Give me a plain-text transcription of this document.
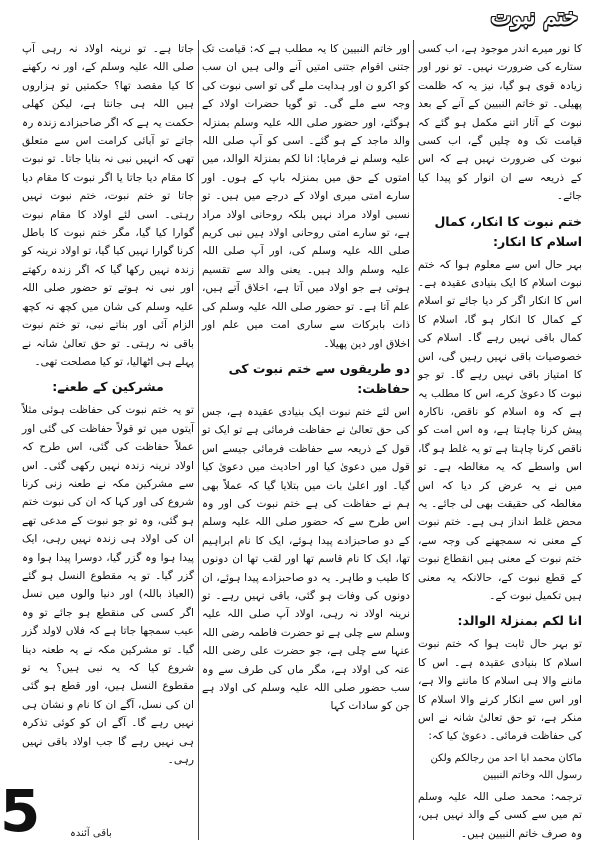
ختم نبوت
5

کا نور میرے اندر موجود ہے، اب کسی ستارے کی ضرورت نہیں۔ تو نور اور زیادہ قوی ہو گیا، نیز یہ کہ ظلمت پھیلی۔ تو خاتم النبیین کے آنے کے بعد نبوت کے آثار اتنے مکمل ہو گئے کہ قیامت تک وہ چلیں گے، اب کسی نبوت کی ضرورت نہیں ہے کہ اس کے ذریعہ سے ان انوار کو پیدا کیا جائے۔

ختم نبوت کا انکار، کمال اسلام کا انکار:

بہر حال اس سے معلوم ہوا کہ ختم نبوت اسلام کا ایک بنیادی عقیدہ ہے۔ اس کا انکار اگر کر دیا جائے تو اسلام کے کمال کا انکار ہو گا، اسلام کا کمال باقی نہیں رہے گا۔ اسلام کی خصوصیات باقی نہیں رہیں گی، اس کا امتیاز باقی نہیں رہے گا۔ تو جو نبوت کا دعویٰ کرے، اس کا مطلب یہ ہے کہ وہ اسلام کو ناقص، ناکارہ پیش کرنا چاہتا ہے، وہ اس امت کو ناقص کرنا چاہتا ہے تو یہ غلط ہو گا، اس واسطے کہ یہ مغالطہ ہے۔ تو میں نے یہ عرض کر دیا کہ اس مغالطہ کی حقیقت بھی لی جائے۔ یہ محض غلط انداز ہی ہے۔ ختم نبوت کے معنی نہ سمجھنے کی وجہ سے، ختم نبوت کے معنی ہیں انقطاع نبوت کے قطع نبوت کے، حالانکہ یہ معنی ہیں تکمیل نبوت کے۔

انا لکم بمنزلۃ الوالد:

تو بہر حال ثابت ہوا کہ ختم نبوت اسلام کا بنیادی عقیدہ ہے۔ اس کا ماننے والا ہی اسلام کا ماننے والا ہے، اور اس سے انکار کرنے والا اسلام کا منکر ہے، تو حق تعالیٰ شانہ نے اس کی حفاظت فرمائی۔ دعویٰ کیا کہ:

ماکان محمد ابا احد من رجالکم ولکن رسول اللہ وخاتم النبیین

ترجمہ: محمد صلی اللہ علیہ وسلم تم میں سے کسی کے والد نہیں ہیں، وہ صرف خاتم النبیین ہیں۔

اور خاتم النبیین کا یہ مطلب ہے کہ: قیامت تک جتنی اقوام جتنی امتیں آنے والی ہیں ان سب کو اکرو ن اور ہدایت ملے گی تو اسی نبوت کی وجہ سے ملے گی۔ تو گویا حضرات اولاد کے ہوگئے، اور حضور صلی اللہ علیہ وسلم بمنزلہ والد ماجد کے ہو گئے۔ اسی کو آپ صلی اللہ علیہ وسلم نے فرمایا: انا لکم بمنزلۃ الوالد، میں امتوں کے حق میں بمنزلہ باپ کے ہوں۔ اور سارے امتی میری اولاد کے درجے میں ہیں۔ تو نسبی اولاد مراد نہیں بلکہ روحانی اولاد مراد ہے، تو سارے امتی روحانی اولاد ہیں نبی کریم صلی اللہ علیہ وسلم کی، اور آپ صلی اللہ علیہ وسلم والد ہیں۔ یعنی والد سے تقسیم ہوتی ہے جو اولاد میں آتا ہے، اخلاق آتے ہیں، علم آتا ہے۔ تو حضور صلی اللہ علیہ وسلم کی ذات بابرکات سے ساری امت میں علم اور اخلاق اور دین پھیلا۔

دو طریقوں سے ختم نبوت کی حفاظت:

اس لئے ختم نبوت ایک بنیادی عقیدہ ہے، جس کی حق تعالیٰ نے حفاظت فرمائی ہے تو ایک تو قول کے ذریعہ سے حفاظت فرمائی جیسے اس قول میں دعویٰ کیا اور احادیث میں دعویٰ کیا گیا۔ اور اعلیٰ بات میں بتلایا گیا کہ عملاً بھی ہم نے حفاظت کی ہے ختم نبوت کی اور وہ اس طرح سے کہ حضور صلی اللہ علیہ وسلم کے دو صاحبزادے پیدا ہوئے، ایک کا نام ابراہیم تھا، ایک کا نام قاسم تھا اور لقب تھا ان دونوں کا طیب و طاہر۔ یہ دو صاحبزادے پیدا ہوئے، ان دونوں کی وفات ہو گئی، باقی نہیں رہے۔ تو نرینہ اولاد نہ رہی، اولاد آپ صلی اللہ علیہ وسلم سے چلی ہے تو حضرت فاطمہ رضی اللہ عنہا سے چلی ہے، جو حضرت علی رضی اللہ عنہ کی اولاد ہے، مگر ماں کی طرف سے وہ سب حضور صلی اللہ علیہ وسلم کی اولاد ہے جن کو سادات کہا

جاتا ہے۔ تو نرینہ اولاد نہ رہی آپ صلی اللہ علیہ وسلم کے، اور نہ رکھنے کا کیا مقصد تھا؟ حکمتیں تو ہزاروں ہیں اللہ ہی جانتا ہے، لیکن کھلی حکمت یہ ہے کہ اگر صاحبزادے زندہ رہ جاتے تو آبائی کرامت اس سے متعلق تھی کہ انہیں نبی نہ بنایا جاتا۔ تو نبوت کا مقام دیا جاتا یا اگر نبوت کا مقام دیا جاتا تو ختم نبوت، ختم نبوت نہیں رہتی۔ اسی لئے اولاد کا مقام نبوت گوارا کیا گیا، مگر ختم نبوت کا باطل کرنا گوارا نہیں کیا گیا، تو اولاد نرینہ کو زندہ نہیں رکھا گیا کہ اگر زندہ رکھتے اور نبی نہ ہوتے تو حضور صلی اللہ علیہ وسلم کی شان میں کچھ نہ کچھ الزام آئی اور بناتے نبی، تو ختم نبوت باقی نہ رہتی۔ تو حق تعالیٰ شانہ نے پہلے ہی اٹھالیا، تو کیا مصلحت تھی۔

مشرکین کے طعنے:

تو یہ ختم نبوت کی حفاظت ہوئی مثلاً آیتوں میں تو قولاً حفاظت کی گئی اور عملاً حفاظت کی گئی، اس طرح کہ اولاد نرینہ زندہ نہیں رکھی گئی۔ اس سے مشرکین مکہ نے طعنہ زنی کرنا شروع کی اور کہا کہ ان کی نبوت ختم ہو گئی، وہ تو جو نبوت کے مدعی تھے ان کی اولاد ہی زندہ نہیں رہی، ایک پیدا ہوا وہ گزر گیا، دوسرا پیدا ہوا وہ گزر گیا۔ تو یہ مقطوع النسل ہو گئے (العیاذ باللہ) اور دنیا والوں میں نسل اگر کسی کی منقطع ہو جائے تو وہ عیب سمجھا جاتا ہے کہ فلاں لاولد گزر گیا۔ تو مشرکین مکہ نے یہ طعنہ دینا شروع کیا کہ یہ نبی ہیں؟ یہ تو مقطوع النسل ہیں، اور قطع ہو گئی ان کی نسل، آگے ان کا نام و نشان ہی نہیں رہے گا۔ آگے ان کو کوئی تذکرہ ہی نہیں رہے گا جب اولاد باقی نہیں رہی۔

باقی آئندہ
